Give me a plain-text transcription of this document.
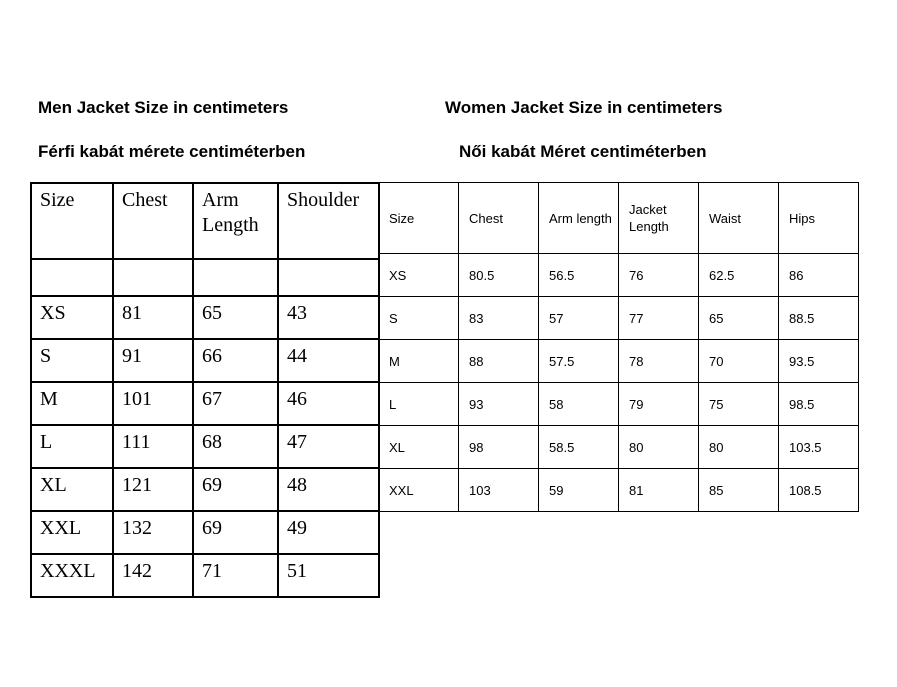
Men Jacket Size in centimeters	Women Jacket Size in centimeters
Férfi kabát mérete centiméterben	Női kabát Méret centiméterben
Size	Chest	Arm Length	Shoulder

XS	81	65	43
S	91	66	44
M	101	67	46
L	111	68	47
XL	121	69	48
XXL	132	69	49
XXXL	142	71	51
Size	Chest	Arm length	Jacket Length	Waist	Hips
XS	80.5	56.5	76	62.5	86
S	83	57	77	65	88.5
M	88	57.5	78	70	93.5
L	93	58	79	75	98.5
XL	98	58.5	80	80	103.5
XXL	103	59	81	85	108.5
